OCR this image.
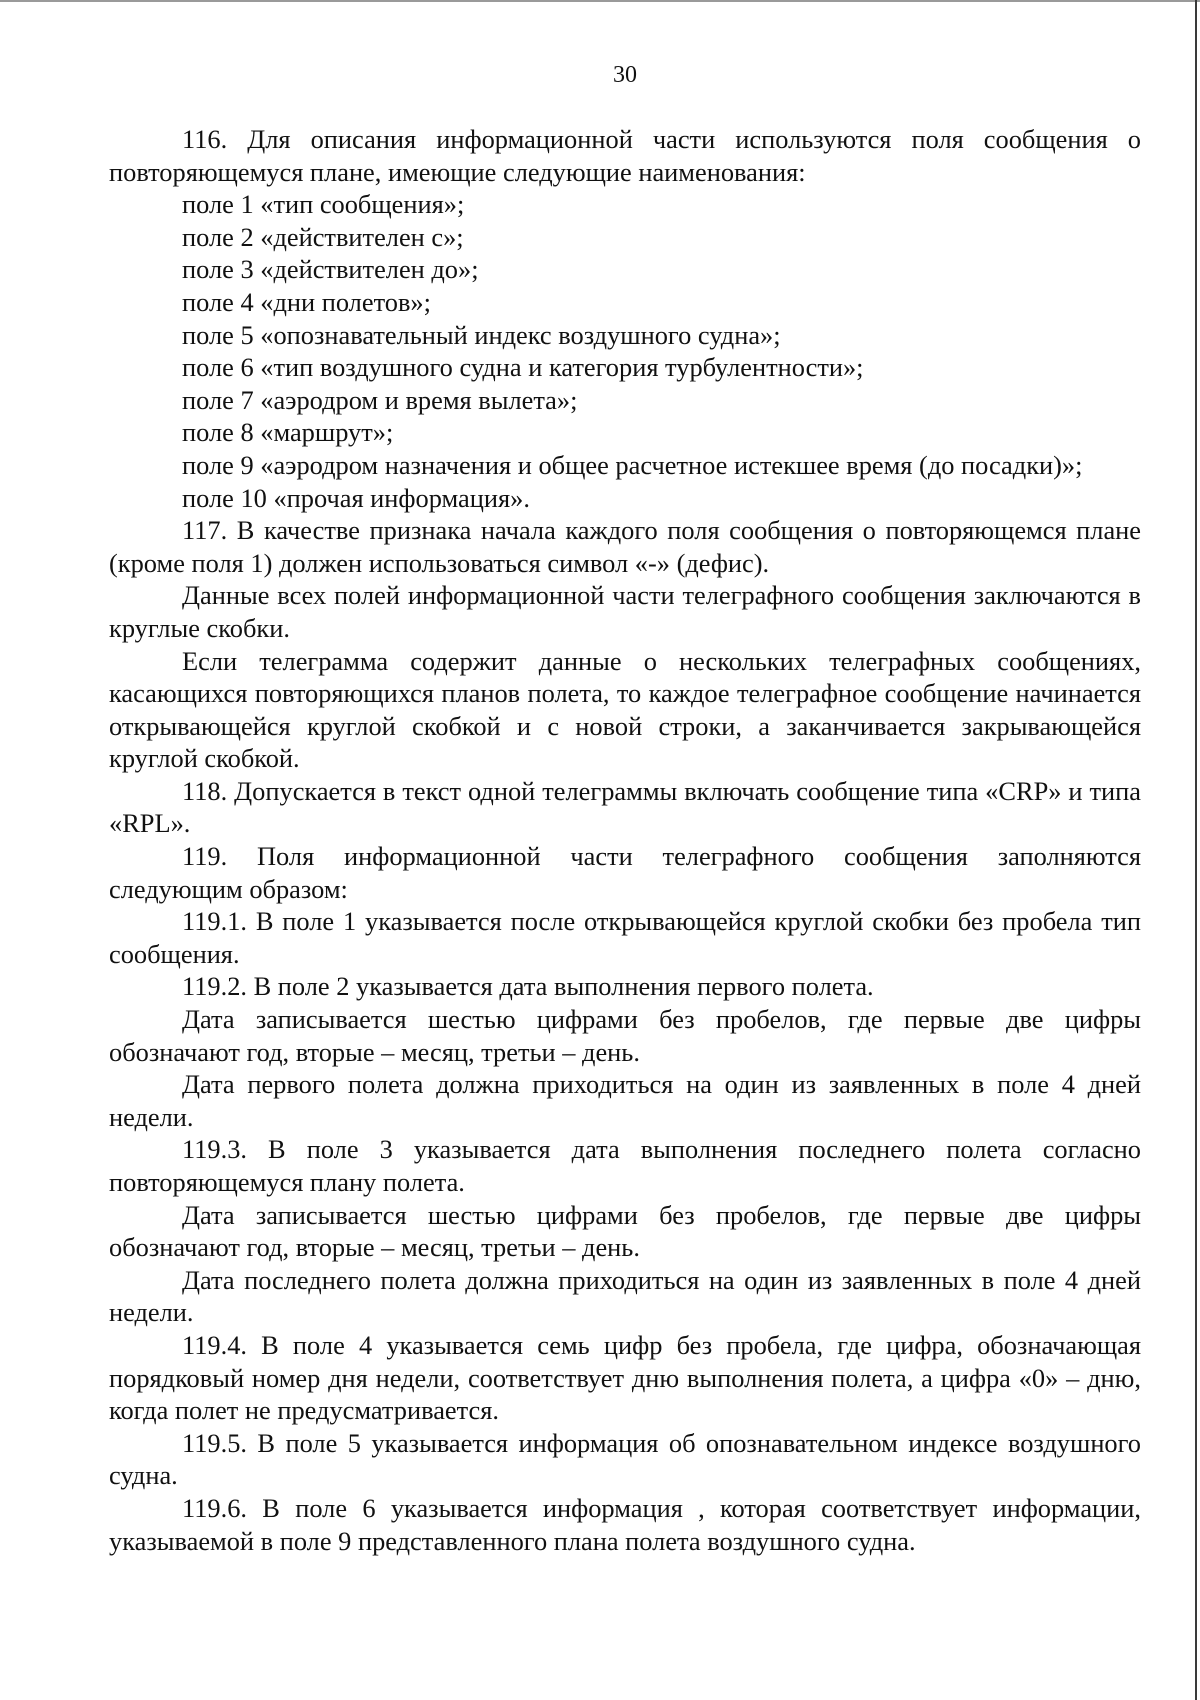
30

116. Для описания информационной части используются поля сообщения о повторяющемуся плане, имеющие следующие наименования:

поле 1 «тип сообщения»;

поле 2 «действителен с»;

поле 3 «действителен до»;

поле 4 «дни полетов»;

поле 5 «опознавательный индекс воздушного судна»;

поле 6 «тип воздушного судна и категория турбулентности»;

поле 7 «аэродром и время вылета»;

поле 8 «маршрут»;

поле 9 «аэродром назначения и общее расчетное истекшее время (до посадки)»;

поле 10 «прочая информация».

117. В качестве признака начала каждого поля сообщения о повторяющемся плане (кроме поля 1) должен использоваться символ «-» (дефис).

Данные всех полей информационной части телеграфного сообщения заключаются в круглые скобки.

Если телеграмма содержит данные о нескольких телеграфных сообщениях, касающихся повторяющихся планов полета, то каждое телеграфное сообщение начинается открывающейся круглой скобкой и с новой строки, а заканчивается закрывающейся круглой скобкой.

118. Допускается в текст одной телеграммы включать сообщение типа «CRP» и типа «RPL».

119. Поля информационной части телеграфного сообщения заполняются следующим образом:

119.1. В поле 1 указывается после открывающейся круглой скобки без пробела тип сообщения.

119.2. В поле 2 указывается дата выполнения первого полета.

Дата записывается шестью цифрами без пробелов, где первые две цифры обозначают год, вторые – месяц, третьи – день.

Дата первого полета должна приходиться на один из заявленных в поле 4 дней недели.

119.3. В поле 3 указывается дата выполнения последнего полета согласно повторяющемуся плану полета.

Дата записывается шестью цифрами без пробелов, где первые две цифры обозначают год, вторые – месяц, третьи – день.

Дата последнего полета должна приходиться на один из заявленных в поле 4 дней недели.

119.4. В поле 4 указывается семь цифр без пробела, где цифра, обозначающая порядковый номер дня недели, соответствует дню выполнения полета, а цифра «0» – дню, когда полет не предусматривается.

119.5. В поле 5 указывается информация об опознавательном индексе воздушного судна.

119.6. В поле 6 указывается информация , которая соответствует информации, указываемой в поле 9 представленного плана полета воздушного судна.
